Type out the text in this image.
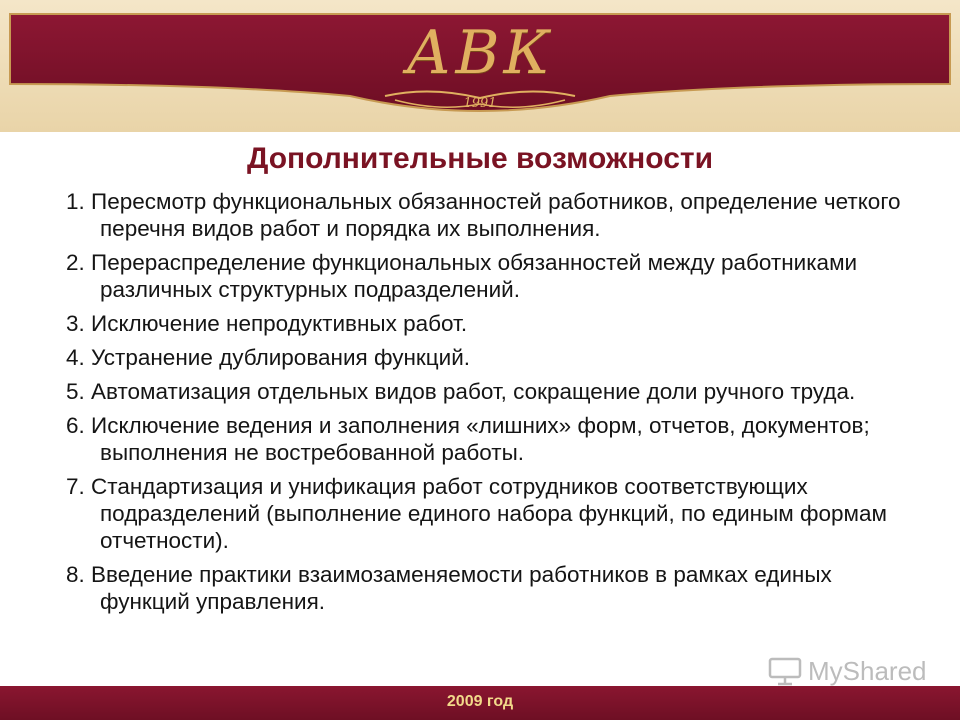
АВК
1991
Дополнительные возможности
1. Пересмотр функциональных обязанностей работников, определение четкого перечня видов работ и порядка их выполнения.
2. Перераспределение функциональных обязанностей между работниками различных структурных подразделений.
3. Исключение непродуктивных работ.
4. Устранение дублирования функций.
5. Автоматизация отдельных видов работ, сокращение доли ручного труда.
6. Исключение ведения и заполнения «лишних» форм, отчетов, документов; выполнения не востребованной работы.
7. Стандартизация и унификация работ сотрудников соответствующих подразделений (выполнение единого набора функций, по единым формам отчетности).
8. Введение практики взаимозаменяемости работников в рамках единых функций управления.
MyShared
2009 год
